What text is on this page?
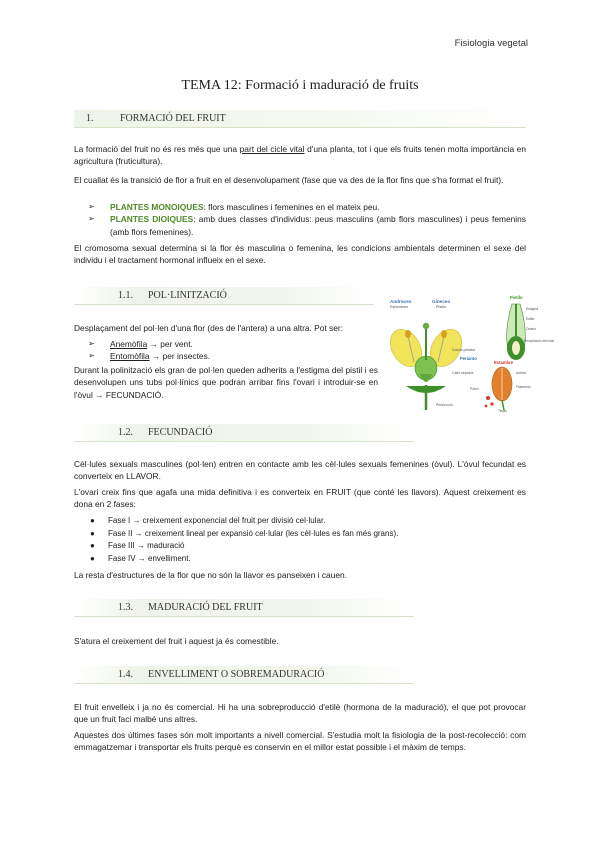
Fisiologia vegetal
TEMA 12: Formació i maduració de fruits
1.	FORMACIÓ DEL FRUIT
La formació del fruit no és res més que una part del cicle vital d'una planta, tot i que els fruits tenen molta importància en agricultura (fruticultura).
El cuallat és la transició de flor a fruit en el desenvolupament (fase que va des de la flor fins que s'ha format el fruit).
➢ PLANTES MONOIQUES: flors masculines i femenines en el mateix peu.
➢ PLANTES DIOIQUES: amb dues classes d'individus: peus masculins (amb flors masculines) i peus femenins (amb flors femenines).
El cromosoma sexual determina si la flor és masculina o femenina, les condicions ambientals determinen el sexe del individu i el tractament hormonal influeix en el sexe.
1.1. POL·LINITZACIÓ
Desplaçament del pol·len d'una flor (des de l'antera) a una altra. Pot ser:
➢ Anemòfila → per vent.
➢ Entomòfila → per insectes.
Durant la polinització els gran de pol·len queden adherits a l'estigma del pistil i es desenvolupen uns tubs pol·línics que podran arribar fins l'ovari i introduir-se en l'òvul → FECUNDACIÓ.
Androceo
Estambres
Gineceo
Pistilo
Corola pétalos
Perianto
Cáliz sépalos
Pedúnculo
Pistilo
Estigma
Estilo
Ovario
Receptáculo terminal
Estambre
Antera
Filamento
Polen
Tecas
1.2. FECUNDACIÓ
Cèl·lules sexuals masculines (pol·len) entren en contacte amb les cèl·lules sexuals femenines (òvul). L'òvul fecundat es converteix en LLAVOR.
L'ovari creix fins que agafa una mida definitiva i es converteix en FRUIT (que conté les llavors). Aquest creixement es dona en 2 fases:
● Fase I → creixement exponencial del fruit per divisió cel·lular.
● Fase II → creixement lineal per expansió cel·lular (les cèl·lules es fan més grans).
● Fase III → maduració
● Fase IV → envelliment.
La resta d'estructures de la flor que no són la llavor es panseixen i cauen.
1.3. MADURACIÓ DEL FRUIT
S'atura el creixement del fruit i aquest ja és comestible.
1.4. ENVELLIMENT O SOBREMADURACIÓ
El fruit envelleix i ja no és comercial. Hi ha una sobreproducció d'etilè (hormona de la maduració), el que pot provocar que un fruit faci malbé uns altres.
Aquestes dos últimes fases són molt importants a nivell comercial. S'estudia molt la fisiologia de la post-recolecció: com emmagatzemar i transportar els fruits perquè es conservin en el millor estat possible i el màxim de temps.
